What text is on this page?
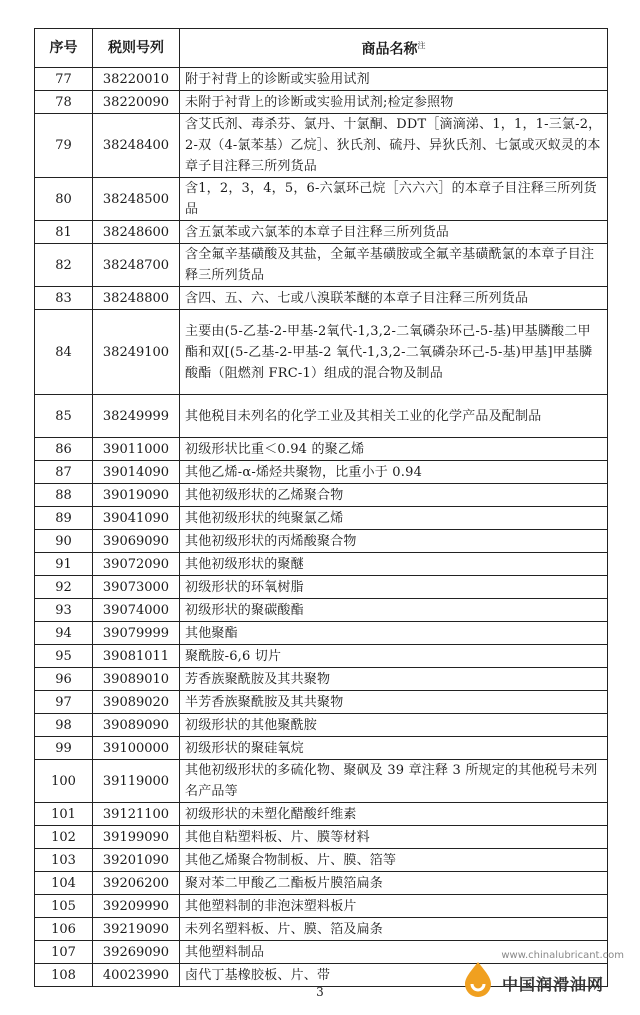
序号	税则号列	商品名称$^注$
77	38220010	附于衬背上的诊断或实验用试剂
78	38220090	未附于衬背上的诊断或实验用试剂;检定参照物
79	38248400	含艾氏剂、毒杀芬、氯丹、十氯酮、DDT［滴滴涕、1，1，1-三氯-2，2-双（4-氯苯基）乙烷］、狄氏剂、硫丹、异狄氏剂、七氯或灭蚁灵的本章子目注释三所列货品
80	38248500	含1，2，3，4，5，6-六氯环己烷［六六六］的本章子目注释三所列货品
81	38248600	含五氯苯或六氯苯的本章子目注释三所列货品
82	38248700	含全氟辛基磺酸及其盐，全氟辛基磺胺或全氟辛基磺酰氯的本章子目注释三所列货品
83	38248800	含四、五、六、七或八溴联苯醚的本章子目注释三所列货品
84	38249100	主要由(5-乙基-2-甲基-2氧代-1,3,2-二氧磷杂环己-5-基)甲基膦酸二甲酯和双[(5-乙基-2-甲基-2 氧代-1,3,2-二氧磷杂环己-5-基)甲基]甲基膦酸酯（阻燃剂 FRC-1）组成的混合物及制品
85	38249999	其他税目未列名的化学工业及其相关工业的化学产品及配制品
86	39011000	初级形状比重＜0.94 的聚乙烯
87	39014090	其他乙烯-α-烯烃共聚物，比重小于 0.94
88	39019090	其他初级形状的乙烯聚合物
89	39041090	其他初级形状的纯聚氯乙烯
90	39069090	其他初级形状的丙烯酸聚合物
91	39072090	其他初级形状的聚醚
92	39073000	初级形状的环氧树脂
93	39074000	初级形状的聚碳酸酯
94	39079999	其他聚酯
95	39081011	聚酰胺-6,6 切片
96	39089010	芳香族聚酰胺及其共聚物
97	39089020	半芳香族聚酰胺及其共聚物
98	39089090	初级形状的其他聚酰胺
99	39100000	初级形状的聚硅氧烷
100	39119000	其他初级形状的多硫化物、聚砜及 39 章注释 3 所规定的其他税号未列名产品等
101	39121100	初级形状的未塑化醋酸纤维素
102	39199090	其他自粘塑料板、片、膜等材料
103	39201090	其他乙烯聚合物制板、片、膜、箔等
104	39206200	聚对苯二甲酸乙二酯板片膜箔扁条
105	39209990	其他塑料制的非泡沫塑料板片
106	39219090	未列名塑料板、片、膜、箔及扁条
107	39269090	其他塑料制品
108	40023990	卤代丁基橡胶板、片、带
3
www.chinalubricant.com
中国润滑油网
